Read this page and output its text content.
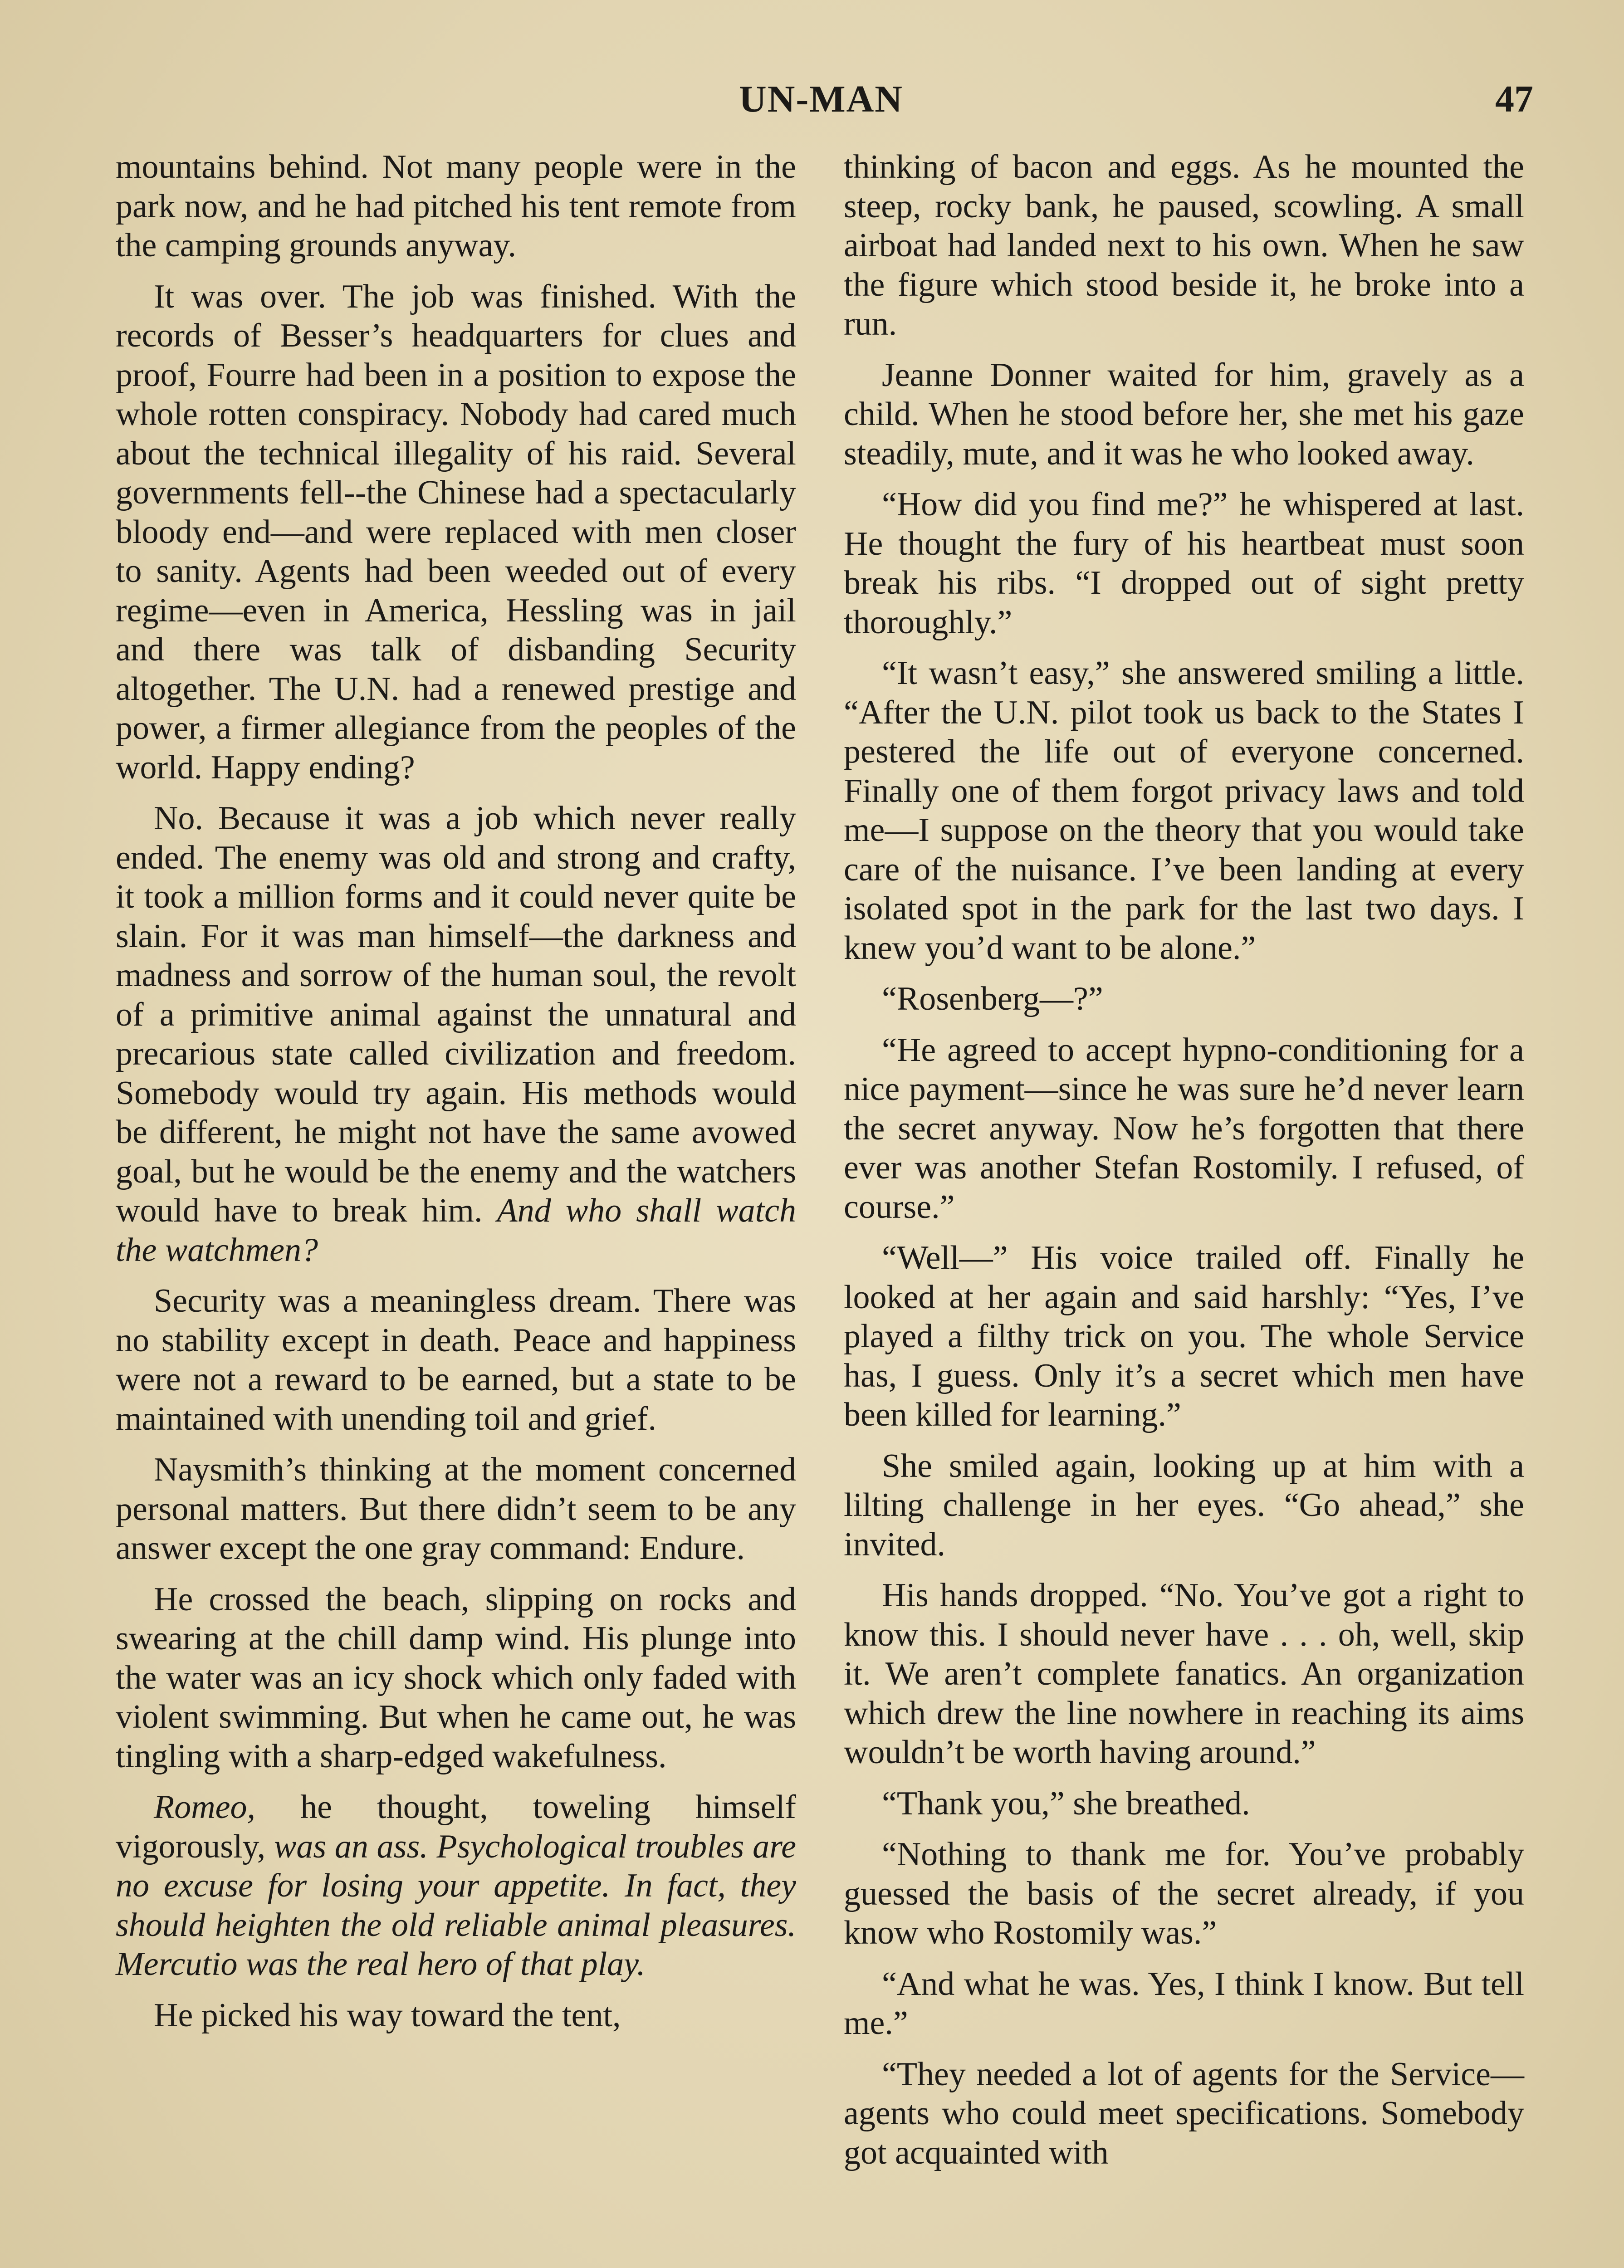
UN-MAN	47

mountains behind. Not many people were in the park now, and he had pitched his tent remote from the camping grounds anyway.

It was over. The job was finished. With the records of Besser’s headquarters for clues and proof, Fourre had been in a position to expose the whole rotten conspiracy. Nobody had cared much about the technical illegality of his raid. Several governments fell--the Chinese had a spectacularly bloody end—and were replaced with men closer to sanity. Agents had been weeded out of every regime—even in America, Hessling was in jail and there was talk of disbanding Security altogether. The U.N. had a renewed prestige and power, a firmer allegiance from the peoples of the world. Happy ending?

No. Because it was a job which never really ended. The enemy was old and strong and crafty, it took a million forms and it could never quite be slain. For it was man himself—the darkness and madness and sorrow of the human soul, the revolt of a primitive animal against the unnatural and precarious state called civilization and freedom. Somebody would try again. His methods would be different, he might not have the same avowed goal, but he would be the enemy and the watchers would have to break him. And who shall watch the watchmen?

Security was a meaningless dream. There was no stability except in death. Peace and happiness were not a reward to be earned, but a state to be maintained with unending toil and grief.

Naysmith’s thinking at the moment concerned personal matters. But there didn’t seem to be any answer except the one gray command: Endure.

He crossed the beach, slipping on rocks and swearing at the chill damp wind. His plunge into the water was an icy shock which only faded with violent swimming. But when he came out, he was tingling with a sharp-edged wakefulness.

Romeo, he thought, toweling himself vigorously, was an ass. Psychological troubles are no excuse for losing your appetite. In fact, they should heighten the old reliable animal pleasures. Mercutio was the real hero of that play.

He picked his way toward the tent,

thinking of bacon and eggs. As he mounted the steep, rocky bank, he paused, scowling. A small airboat had landed next to his own. When he saw the figure which stood beside it, he broke into a run.

Jeanne Donner waited for him, gravely as a child. When he stood before her, she met his gaze steadily, mute, and it was he who looked away.

“How did you find me?” he whispered at last. He thought the fury of his heartbeat must soon break his ribs. “I dropped out of sight pretty thoroughly.”

“It wasn’t easy,” she answered smiling a little. “After the U.N. pilot took us back to the States I pestered the life out of everyone concerned. Finally one of them forgot privacy laws and told me—I suppose on the theory that you would take care of the nuisance. I’ve been landing at every isolated spot in the park for the last two days. I knew you’d want to be alone.”

“Rosenberg—?”

“He agreed to accept hypno-conditioning for a nice payment—since he was sure he’d never learn the secret anyway. Now he’s forgotten that there ever was another Stefan Rostomily. I refused, of course.”

“Well—” His voice trailed off. Finally he looked at her again and said harshly: “Yes, I’ve played a filthy trick on you. The whole Service has, I guess. Only it’s a secret which men have been killed for learning.”

She smiled again, looking up at him with a lilting challenge in her eyes. “Go ahead,” she invited.

His hands dropped. “No. You’ve got a right to know this. I should never have . . . oh, well, skip it. We aren’t complete fanatics. An organization which drew the line nowhere in reaching its aims wouldn’t be worth having around.”

“Thank you,” she breathed.

“Nothing to thank me for. You’ve probably guessed the basis of the secret already, if you know who Rostomily was.”

“And what he was. Yes, I think I know. But tell me.”

“They needed a lot of agents for the Service—agents who could meet specifications. Somebody got acquainted with
